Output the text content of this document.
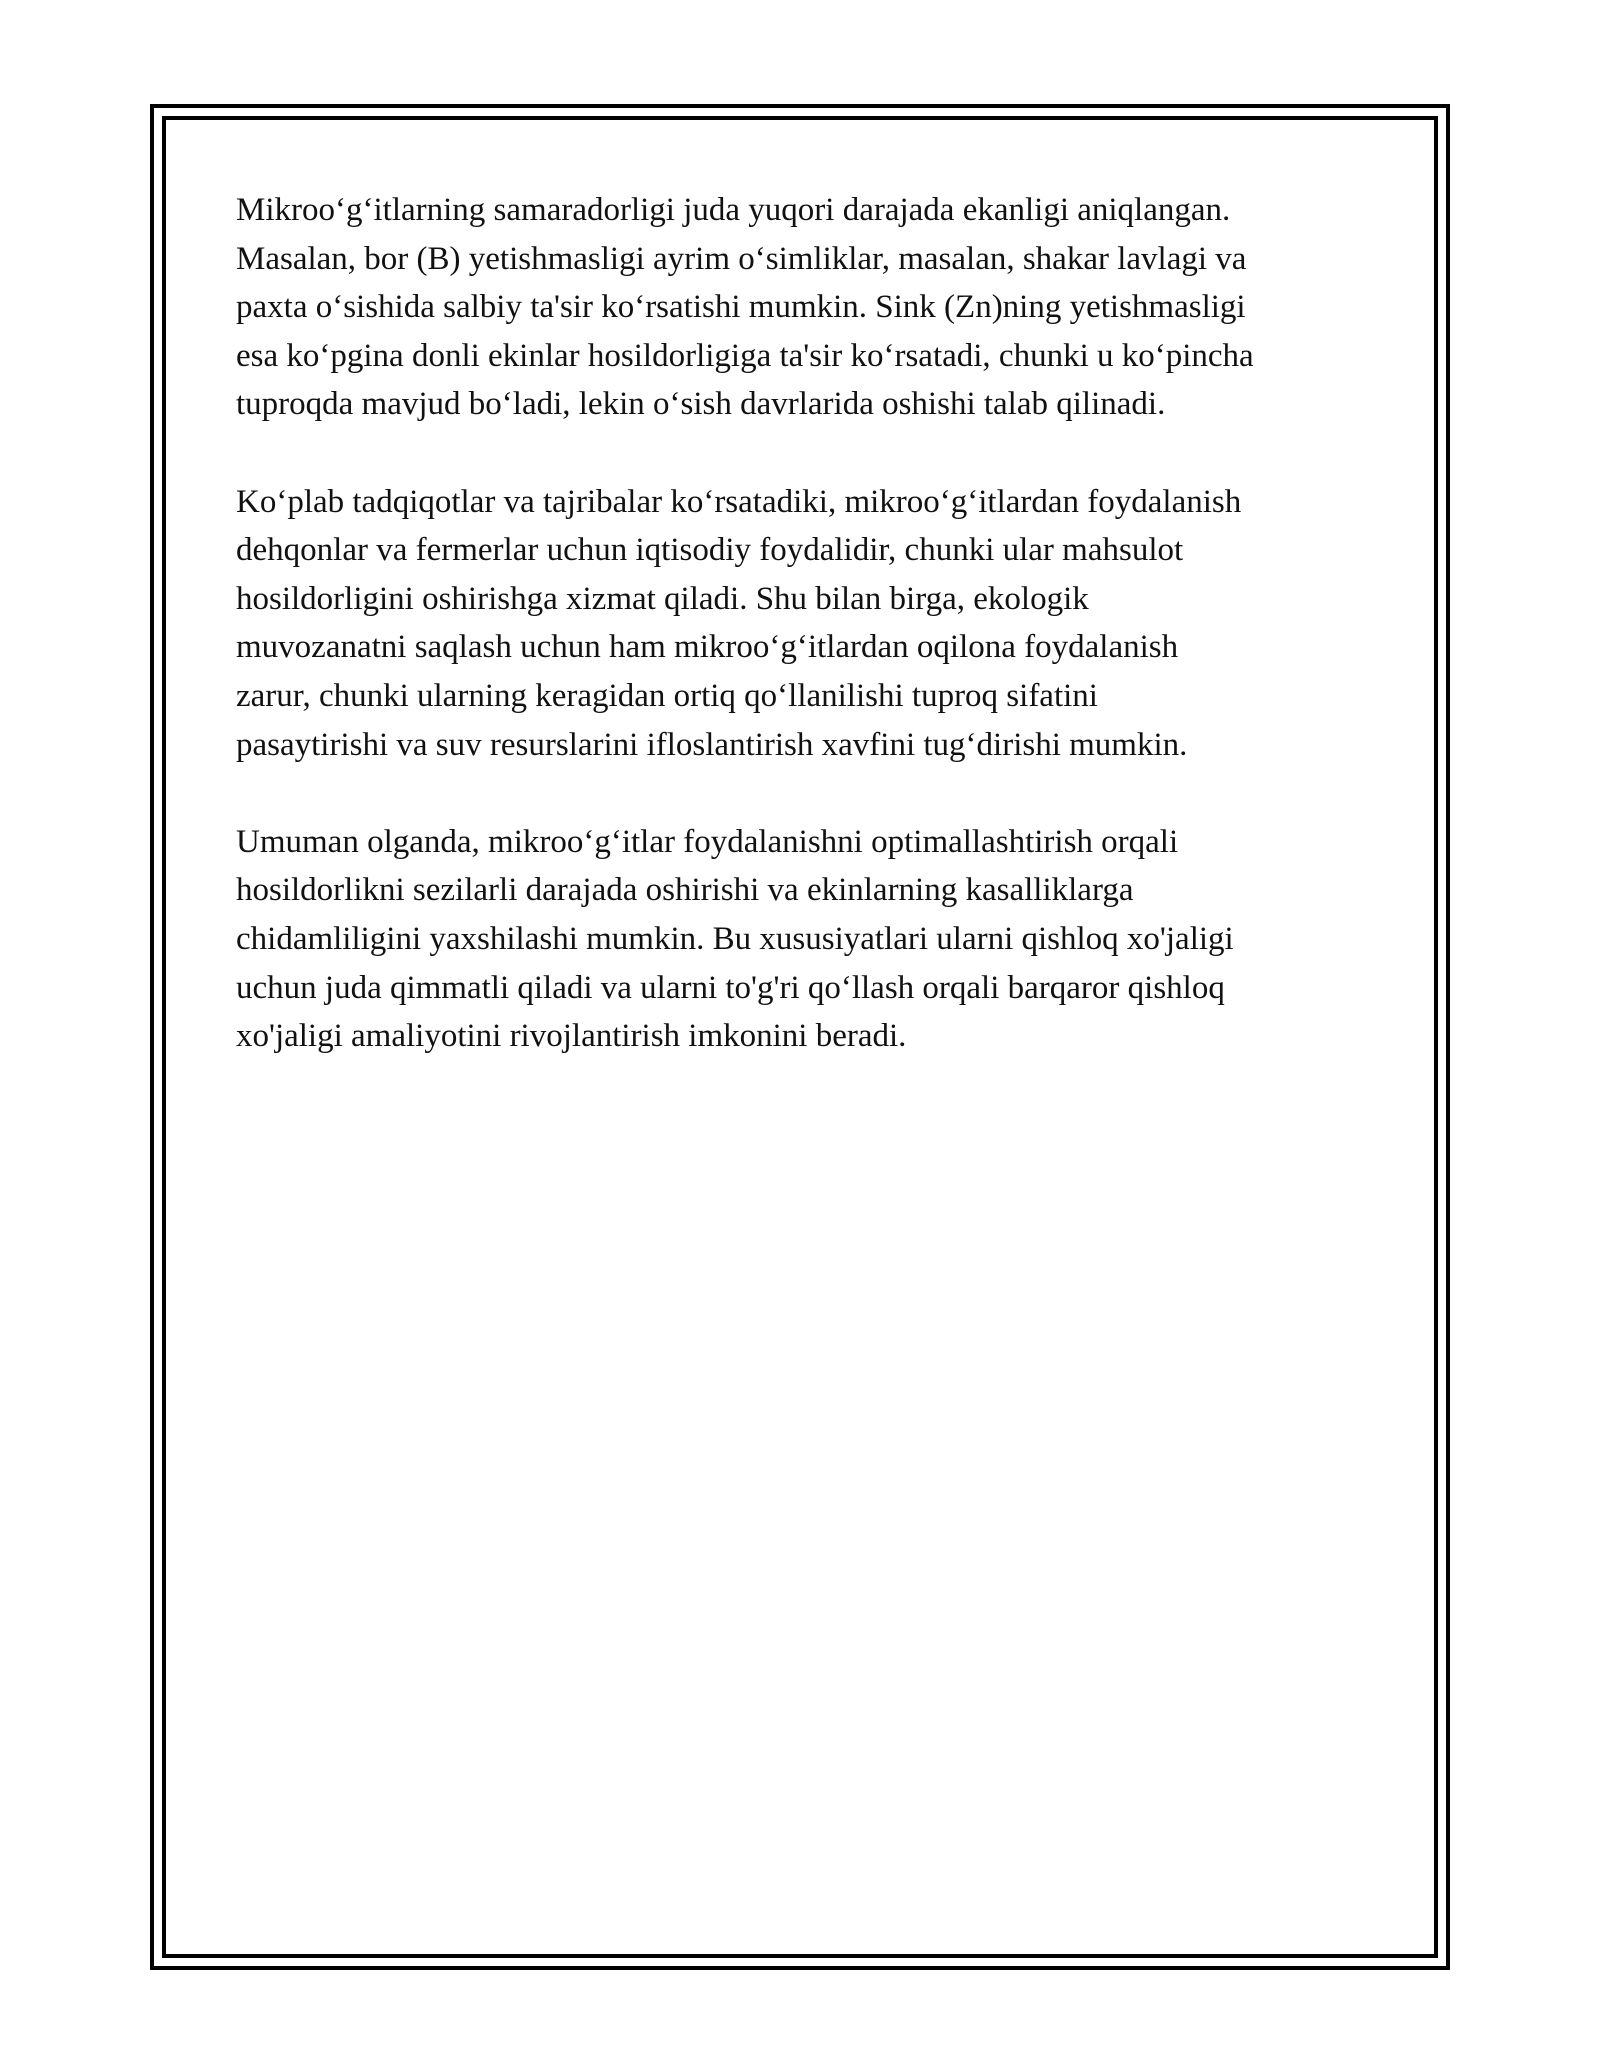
Mikroo‘g‘itlarning samaradorligi juda yuqori darajada ekanligi aniqlangan.
Masalan, bor (B) yetishmasligi ayrim o‘simliklar, masalan, shakar lavlagi va
paxta o‘sishida salbiy ta'sir ko‘rsatishi mumkin. Sink (Zn)ning yetishmasligi
esa ko‘pgina donli ekinlar hosildorligiga ta'sir ko‘rsatadi, chunki u ko‘pincha
tuproqda mavjud bo‘ladi, lekin o‘sish davrlarida oshishi talab qilinadi.

Ko‘plab tadqiqotlar va tajribalar ko‘rsatadiki, mikroo‘g‘itlardan foydalanish
dehqonlar va fermerlar uchun iqtisodiy foydalidir, chunki ular mahsulot
hosildorligini oshirishga xizmat qiladi. Shu bilan birga, ekologik
muvozanatni saqlash uchun ham mikroo‘g‘itlardan oqilona foydalanish
zarur, chunki ularning keragidan ortiq qo‘llanilishi tuproq sifatini
pasaytirishi va suv resurslarini ifloslantirish xavfini tug‘dirishi mumkin.

Umuman olganda, mikroo‘g‘itlar foydalanishni optimallashtirish orqali
hosildorlikni sezilarli darajada oshirishi va ekinlarning kasalliklarga
chidamliligini yaxshilashi mumkin. Bu xususiyatlari ularni qishloq xo'jaligi
uchun juda qimmatli qiladi va ularni to'g'ri qo‘llash orqali barqaror qishloq
xo'jaligi amaliyotini rivojlantirish imkonini beradi.
